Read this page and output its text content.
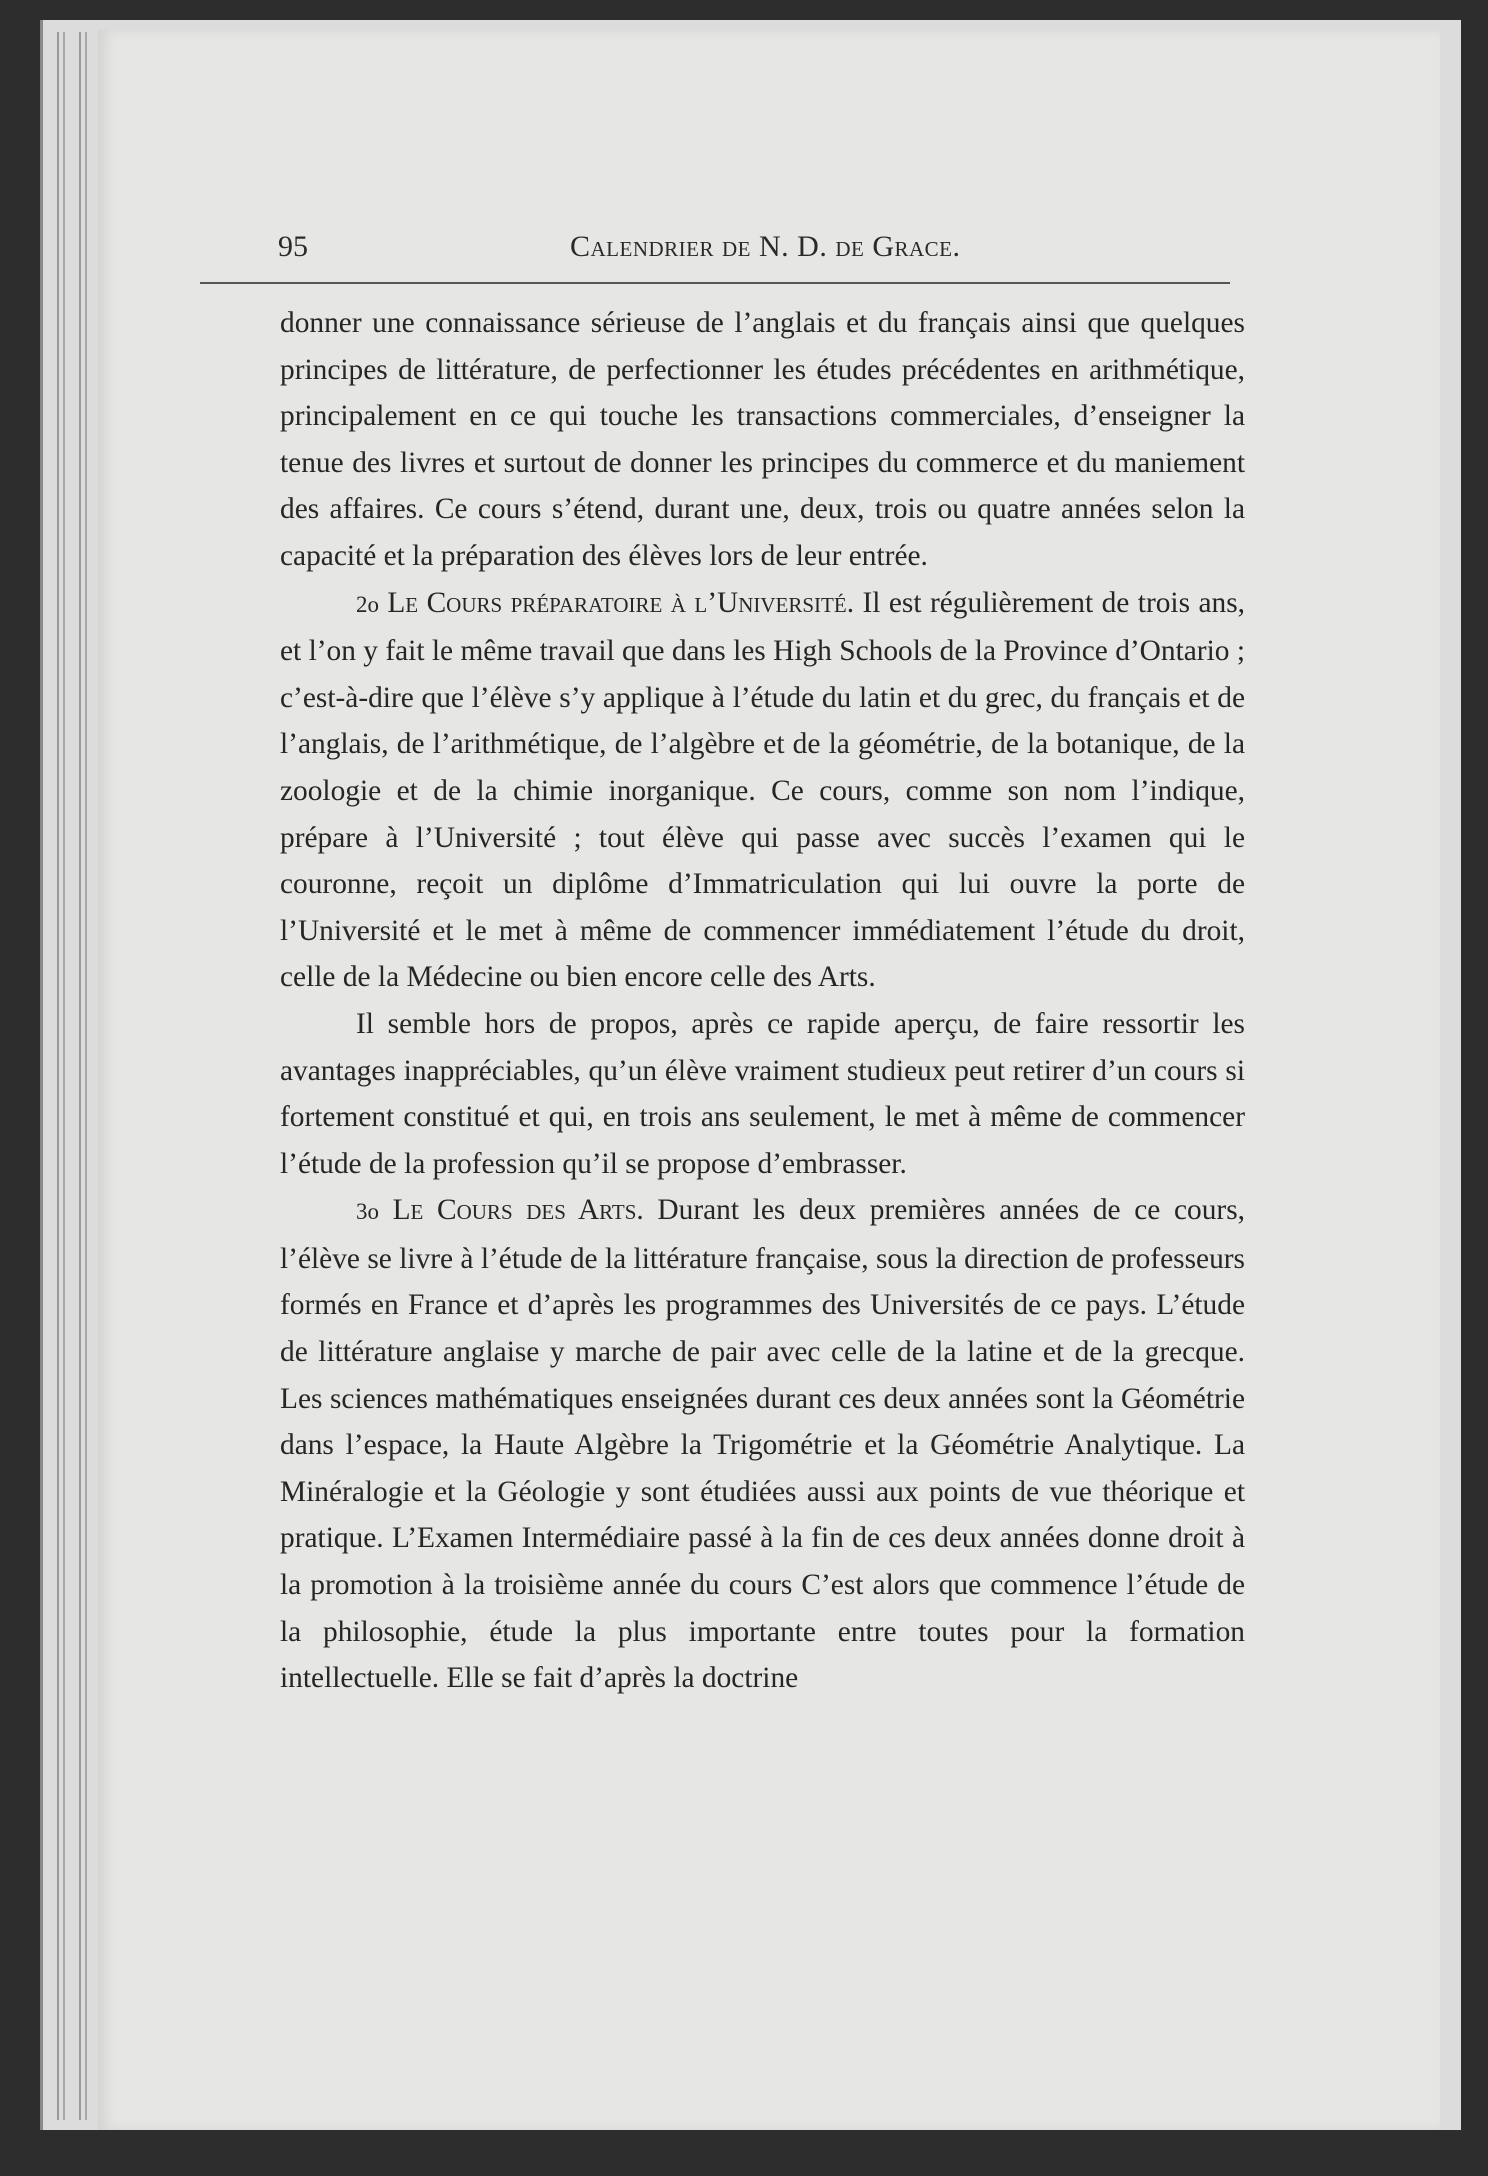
95	Calendrier de N. D. de Grace.

donner une connaissance sérieuse de l’anglais et du français ainsi que quelques principes de littérature, de perfectionner les études précédentes en arithmétique, principalement en ce qui touche les transactions commerciales, d’enseigner la tenue des livres et surtout de donner les principes du commerce et du maniement des affaires. Ce cours s’étend, durant une, deux, trois ou quatre années selon la capacité et la préparation des élèves lors de leur entrée.

2o Le Cours préparatoire à l’Université. Il est régulièrement de trois ans, et l’on y fait le même travail que dans les High Schools de la Province d’Ontario ; c’est-à-dire que l’élève s’y applique à l’étude du latin et du grec, du français et de l’anglais, de l’arithmétique, de l’algèbre et de la géométrie, de la botanique, de la zoologie et de la chimie inorganique. Ce cours, comme son nom l’indique, prépare à l’Université ; tout élève qui passe avec succès l’examen qui le couronne, reçoit un diplôme d’Immatriculation qui lui ouvre la porte de l’Université et le met à même de commencer immédiatement l’étude du droit, celle de la Médecine ou bien encore celle des Arts.

Il semble hors de propos, après ce rapide aperçu, de faire ressortir les avantages inappréciables, qu’un élève vraiment studieux peut retirer d’un cours si fortement constitué et qui, en trois ans seulement, le met à même de commencer l’étude de la profession qu’il se propose d’embrasser.

3o Le Cours des Arts. Durant les deux premières années de ce cours, l’élève se livre à l’étude de la littérature française, sous la direction de professeurs formés en France et d’après les programmes des Universités de ce pays. L’étude de littérature anglaise y marche de pair avec celle de la latine et de la grecque. Les sciences mathématiques enseignées durant ces deux années sont la Géométrie dans l’espace, la Haute Algèbre la Trigométrie et la Géométrie Analytique. La Minéralogie et la Géologie y sont étudiées aussi aux points de vue théorique et pratique. L’Examen Intermédiaire passé à la fin de ces deux années donne droit à la promotion à la troisième année du cours C’est alors que commence l’étude de la philosophie, étude la plus importante entre toutes pour la formation intellectuelle. Elle se fait d’après la doctrine
